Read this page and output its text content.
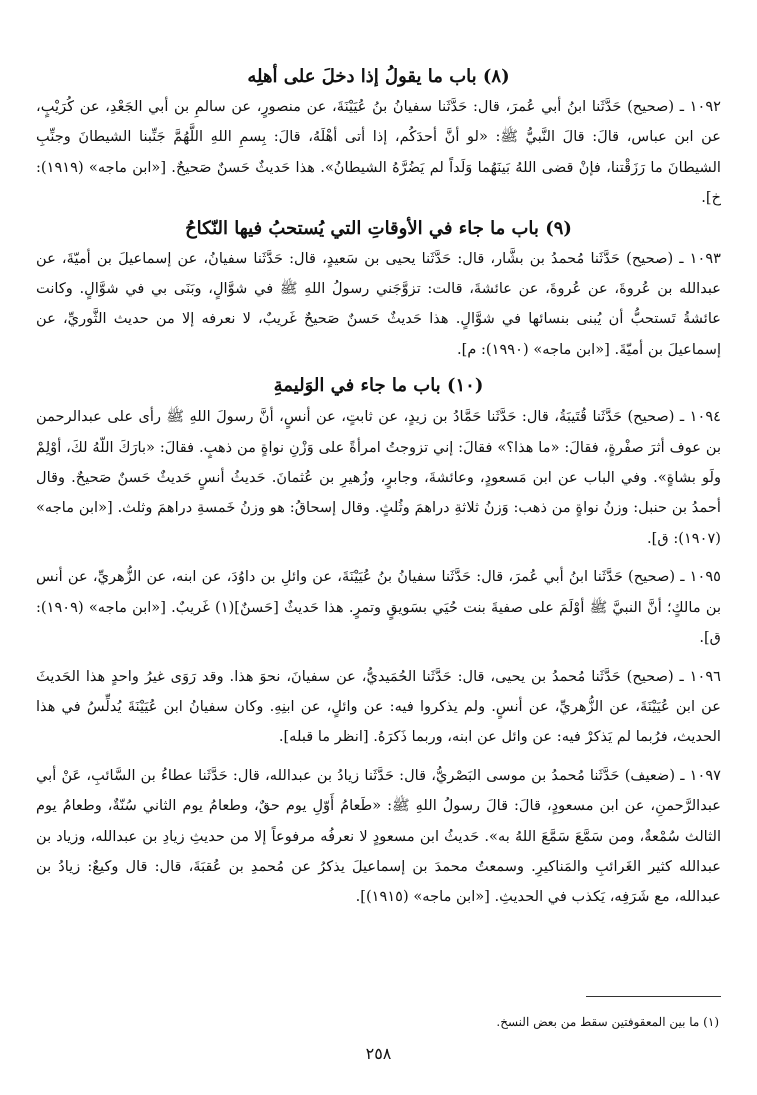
(٨) باب ما يقولُ إذا دخلَ على أهلِه

١٠٩٢ ـ (صحيح) حَدَّثَنا ابنُ أبي عُمرَ، قال: حَدَّثَنا سفيانُ بنُ عُيَيْنَةَ، عن منصورٍ، عن سالمِ بن أبي الجَعْدِ، عن كُرَيْبٍ، عن ابن عباس، قالَ: قالَ النَّبيُّ ﷺ: «لو أنَّ أحدَكُم، إذا أتى أهْلَهُ، قالَ: بِسمِ اللهِ اللَّهُمَّ جَنِّبنا الشيطانَ وجنِّبِ الشيطانَ ما رَزَقْتنا، فإنْ قضى اللهُ بَينَهُما وَلَداً لم يَضُرَّهُ الشيطانُ». هذا حَديثٌ حَسنٌ صَحيحٌ. [«ابن ماجه» (١٩١٩): خ].

(٩) باب ما جاء في الأوقاتِ التي يُستحبُ فيها النّكاحُ

١٠٩٣ ـ (صحيح) حَدَّثَنا مُحمدُ بن بشَّار، قال: حَدَّثَنا يحيى بن سَعيدٍ، قال: حَدَّثَنا سفيانُ، عن إسماعيلَ بن أميّةَ، عن عبدالله بن عُروةَ، عن عُروةَ، عن عائشةَ، قالت: تزوَّجَني رسولُ اللهِ ﷺ في شوَّالٍ، وبَنَى بي في شوَّالٍ. وكانت عائشةُ تَستحبُّ أن يُبنى بنسائها في شوَّالٍ. هذا حَديثٌ حَسنٌ صَحيحٌ غَريبٌ، لا نعرفه إلا من حديث الثَّوريِّ، عن إسماعيلَ بن أميّةَ. [«ابن ماجه» (١٩٩٠): م].

(١٠) باب ما جاء في الوَليمةِ

١٠٩٤ ـ (صحيح) حَدَّثَنا قُتَيبَةُ، قال: حَدَّثَنا حَمَّادُ بن زيدٍ، عن ثابتٍ، عن أنسٍ، أنَّ رسولَ اللهِ ﷺ رأى على عبدالرحمن بن عوف أثرَ صفْرةٍ، فقالَ: «ما هذا؟» فقالَ: إني تزوجتُ امرأةً على وَزْنِ نواةٍ من ذهبٍ. فقالَ: «بارَكَ اللّهُ لكَ، أوْلِمْ ولَو بشاةٍ». وفي الباب عن ابن مَسعودٍ، وعائشةَ، وجابرٍ، وزُهيرِ بن عُثمانَ. حَديثُ أنسٍ حَديثٌ حَسنٌ صَحيحٌ. وقال أحمدُ بن حنبل: وزنُ نواةٍ من ذهب: وَزنُ ثلاثةِ دراهمَ وثُلثٍ. وقال إسحاقُ: هو وزنُ خَمسةِ دراهمَ وثلث. [«ابن ماجه» (١٩٠٧): ق].

١٠٩٥ ـ (صحيح) حَدَّثَنا ابنُ أبي عُمرَ، قال: حَدَّثَنا سفيانُ بنُ عُيَيْنَةَ، عن وائلِ بن داوُدَ، عن ابنه، عن الزُّهريِّ، عن أنس بن مالكٍ؛ أنَّ النبيَّ ﷺ أوْلَمَ على صفيةَ بنت حُيَي بسَويقٍ وتمرٍ. هذا حَديثٌ [حَسنٌ](١) غَريبٌ. [«ابن ماجه» (١٩٠٩): ق].

١٠٩٦ ـ (صحيح) حَدَّثَنا مُحمدُ بن يحيى، قال: حَدَّثَنا الحُمَيديُّ، عن سفيانَ، نحوَ هذا. وقد رَوَى غيرُ واحدٍ هذا الحَديثَ عن ابن عُيَيْنَةَ، عن الزُّهريِّ، عن أنسٍ. ولم يذكروا فيه: عن وائلٍ، عن ابنِهِ. وكان سفيانُ ابن عُيَيْنَةَ يُدلِّسُ في هذا الحديث، فرُبما لم يَذكرْ فيه: عن وائل عن ابنه، وربما ذَكرَهُ. [انظر ما قبله].

١٠٩٧ ـ (ضعيف) حَدَّثَنا مُحمدُ بن موسى البَصْريُّ، قال: حَدَّثَنا زيادُ بن عبدالله، قال: حَدَّثَنا عطاءُ بن السَّائبِ، عَنْ أبي عبدالرَّحمنِ، عن ابن مسعودٍ، قالَ: قالَ رسولُ اللهِ ﷺ: «طَعامُ أَوّلِ يوم حقٌ، وطعامُ يوم الثاني سُنّةٌ، وطعامُ يوم الثالث سُمْعةٌ، ومن سَمَّعَ سَمَّعَ اللهُ به». حَديثُ ابن مسعودٍ لا نعرفُه مرفوعاً إلا من حديثِ زيادِ بن عبدالله، وزياد بن عبدالله كثير الغَرائبِ والمَناكيرِ. وسمعتُ محمدَ بن إسماعيلَ يذكرُ عن مُحمدِ بن عُقبَةَ، قال: قال وكيعٌ: زيادُ بن عبدالله، مع شَرَفِه، يَكذب في الحديثِ. [«ابن ماجه» (١٩١٥)].

(١) ما بين المعقوفتين سقط من بعض النسخ.

٢٥٨
